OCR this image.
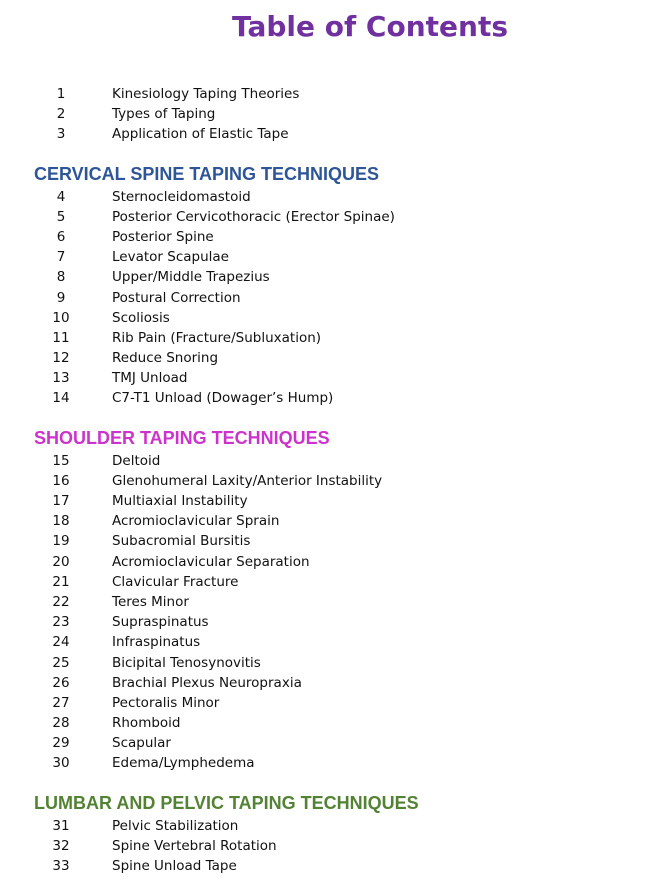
Table of Contents
1	Kinesiology Taping Theories
2	Types of Taping
3	Application of Elastic Tape
CERVICAL SPINE TAPING TECHNIQUES
4	Sternocleidomastoid
5	Posterior Cervicothoracic (Erector Spinae)
6	Posterior Spine
7	Levator Scapulae
8	Upper/Middle Trapezius
9	Postural Correction
10	Scoliosis
11	Rib Pain (Fracture/Subluxation)
12	Reduce Snoring
13	TMJ Unload
14	C7-T1 Unload (Dowager’s Hump)
SHOULDER TAPING TECHNIQUES
15	Deltoid
16	Glenohumeral Laxity/Anterior Instability
17	Multiaxial Instability
18	Acromioclavicular Sprain
19	Subacromial Bursitis
20	Acromioclavicular Separation
21	Clavicular Fracture
22	Teres Minor
23	Supraspinatus
24	Infraspinatus
25	Bicipital Tenosynovitis
26	Brachial Plexus Neuropraxia
27	Pectoralis Minor
28	Rhomboid
29	Scapular
30	Edema/Lymphedema
LUMBAR AND PELVIC TAPING TECHNIQUES
31	Pelvic Stabilization
32	Spine Vertebral Rotation
33	Spine Unload Tape
